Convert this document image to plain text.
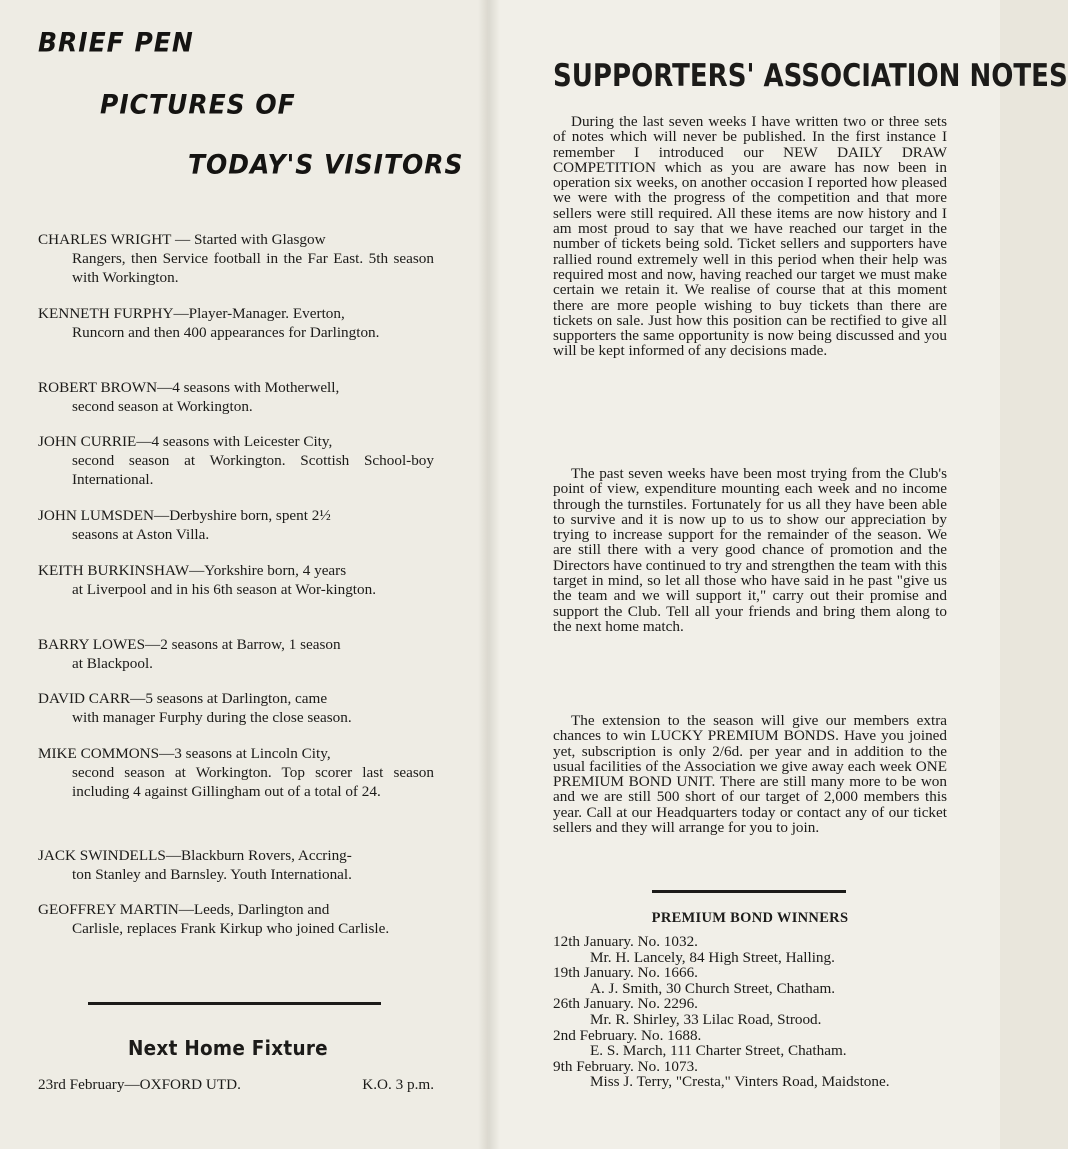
BRIEF PEN
PICTURES OF
TODAY'S VISITORS

CHARLES WRIGHT — Started with Glasgow
Rangers, then Service football in the Far East. 5th season with Workington.

KENNETH FURPHY—Player-Manager. Everton,
Runcorn and then 400 appearances for Darlington.

ROBERT BROWN—4 seasons with Motherwell,
second season at Workington.

JOHN CURRIE—4 seasons with Leicester City,
second season at Workington. Scottish School-boy International.

JOHN LUMSDEN—Derbyshire born, spent 2½
seasons at Aston Villa.

KEITH BURKINSHAW—Yorkshire born, 4 years
at Liverpool and in his 6th season at Wor-kington.

BARRY LOWES—2 seasons at Barrow, 1 season
at Blackpool.

DAVID CARR—5 seasons at Darlington, came
with manager Furphy during the close season.

MIKE COMMONS—3 seasons at Lincoln City,
second season at Workington. Top scorer last season including 4 against Gillingham out of a total of 24.

JACK SWINDELLS—Blackburn Rovers, Accring-
ton Stanley and Barnsley. Youth International.

GEOFFREY MARTIN—Leeds, Darlington and
Carlisle, replaces Frank Kirkup who joined Carlisle.

Next Home Fixture
23rd February—OXFORD UTD.	K.O. 3 p.m.
SUPPORTERS' ASSOCIATION NOTES

During the last seven weeks I have written two or three sets of notes which will never be published. In the first instance I remember I introduced our NEW DAILY DRAW COMPETITION which as you are aware has now been in operation six weeks, on another occasion I reported how pleased we were with the progress of the competition and that more sellers were still required. All these items are now history and I am most proud to say that we have reached our target in the number of tickets being sold. Ticket sellers and supporters have rallied round extremely well in this period when their help was required most and now, having reached our target we must make certain we retain it. We realise of course that at this moment there are more people wishing to buy tickets than there are tickets on sale. Just how this position can be rectified to give all supporters the same opportunity is now being discussed and you will be kept informed of any decisions made.

The past seven weeks have been most trying from the Club's point of view, expenditure mounting each week and no income through the turnstiles. Fortunately for us all they have been able to survive and it is now up to us to show our appreciation by trying to increase support for the remainder of the season. We are still there with a very good chance of promotion and the Directors have continued to try and strengthen the team with this target in mind, so let all those who have said in he past "give us the team and we will support it," carry out their promise and support the Club. Tell all your friends and bring them along to the next home match.

The extension to the season will give our members extra chances to win LUCKY PREMIUM BONDS. Have you joined yet, subscription is only 2/6d. per year and in addition to the usual facilities of the Association we give away each week ONE PREMIUM BOND UNIT. There are still many more to be won and we are still 500 short of our target of 2,000 members this year. Call at our Headquarters today or contact any of our ticket sellers and they will arrange for you to join.

PREMIUM BOND WINNERS
12th January. No. 1032.
Mr. H. Lancely, 84 High Street, Halling.
19th January. No. 1666.
A. J. Smith, 30 Church Street, Chatham.
26th January. No. 2296.
Mr. R. Shirley, 33 Lilac Road, Strood.
2nd February. No. 1688.
E. S. March, 111 Charter Street, Chatham.
9th February. No. 1073.
Miss J. Terry, "Cresta," Vinters Road, Maidstone.
